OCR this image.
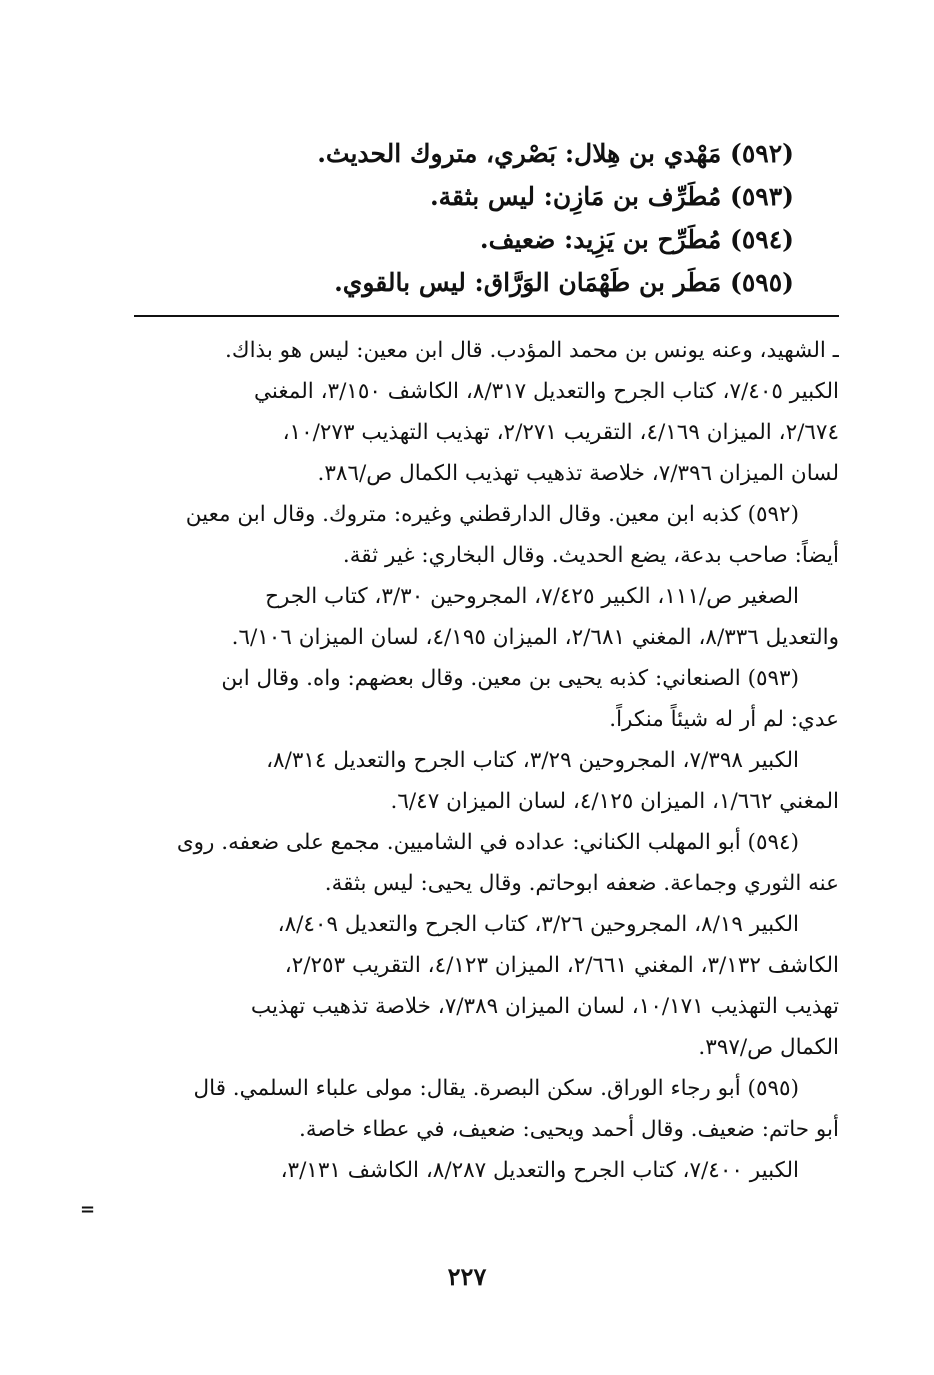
(٥٩٢) مَهْدي بن هِلال: بَصْري، متروك الحديث.
(٥٩٣) مُطَرِّف بن مَازِن: ليس بثقة.
(٥٩٤) مُطَرِّح بن يَزِيد: ضعيف.
(٥٩٥) مَطَر بن طَهْمَان الوَرَّاق: ليس بالقوي.
ـ الشهيد، وعنه يونس بن محمد المؤدب. قال ابن معين: ليس هو بذاك.
الكبير ٧/٤٠٥، كتاب الجرح والتعديل ٨/٣١٧، الكاشف ٣/١٥٠، المغني
٢/٦٧٤، الميزان ٤/١٦٩، التقريب ٢/٢٧١، تهذيب التهذيب ١٠/٢٧٣،
لسان الميزان ٧/٣٩٦، خلاصة تذهيب تهذيب الكمال ص/٣٨٦.
(٥٩٢) كذبه ابن معين. وقال الدارقطني وغيره: متروك. وقال ابن معين
أيضاً: صاحب بدعة، يضع الحديث. وقال البخاري: غير ثقة.
الصغير ص/١١١، الكبير ٧/٤٢٥، المجروحين ٣/٣٠، كتاب الجرح
والتعديل ٨/٣٣٦، المغني ٢/٦٨١، الميزان ٤/١٩٥، لسان الميزان ٦/١٠٦.
(٥٩٣) الصنعاني: كذبه يحيى بن معين. وقال بعضهم: واه. وقال ابن
عدي: لم أر له شيئاً منكراً.
الكبير ٧/٣٩٨، المجروحين ٣/٢٩، كتاب الجرح والتعديل ٨/٣١٤،
المغني ١/٦٦٢، الميزان ٤/١٢٥، لسان الميزان ٦/٤٧.
(٥٩٤) أبو المهلب الكناني: عداده في الشاميين. مجمع على ضعفه. روى
عنه الثوري وجماعة. ضعفه ابوحاتم. وقال يحيى: ليس بثقة.
الكبير ٨/١٩، المجروحين ٣/٢٦، كتاب الجرح والتعديل ٨/٤٠٩،
الكاشف ٣/١٣٢، المغني ٢/٦٦١، الميزان ٤/١٢٣، التقريب ٢/٢٥٣،
تهذيب التهذيب ١٠/١٧١، لسان الميزان ٧/٣٨٩، خلاصة تذهيب تهذيب
الكمال ص/٣٩٧.
(٥٩٥) أبو رجاء الوراق. سكن البصرة. يقال: مولى علباء السلمي. قال
أبو حاتم: ضعيف. وقال أحمد ويحيى: ضعيف، في عطاء خاصة.
الكبير ٧/٤٠٠، كتاب الجرح والتعديل ٨/٢٨٧، الكاشف ٣/١٣١،
=
٢٢٧
